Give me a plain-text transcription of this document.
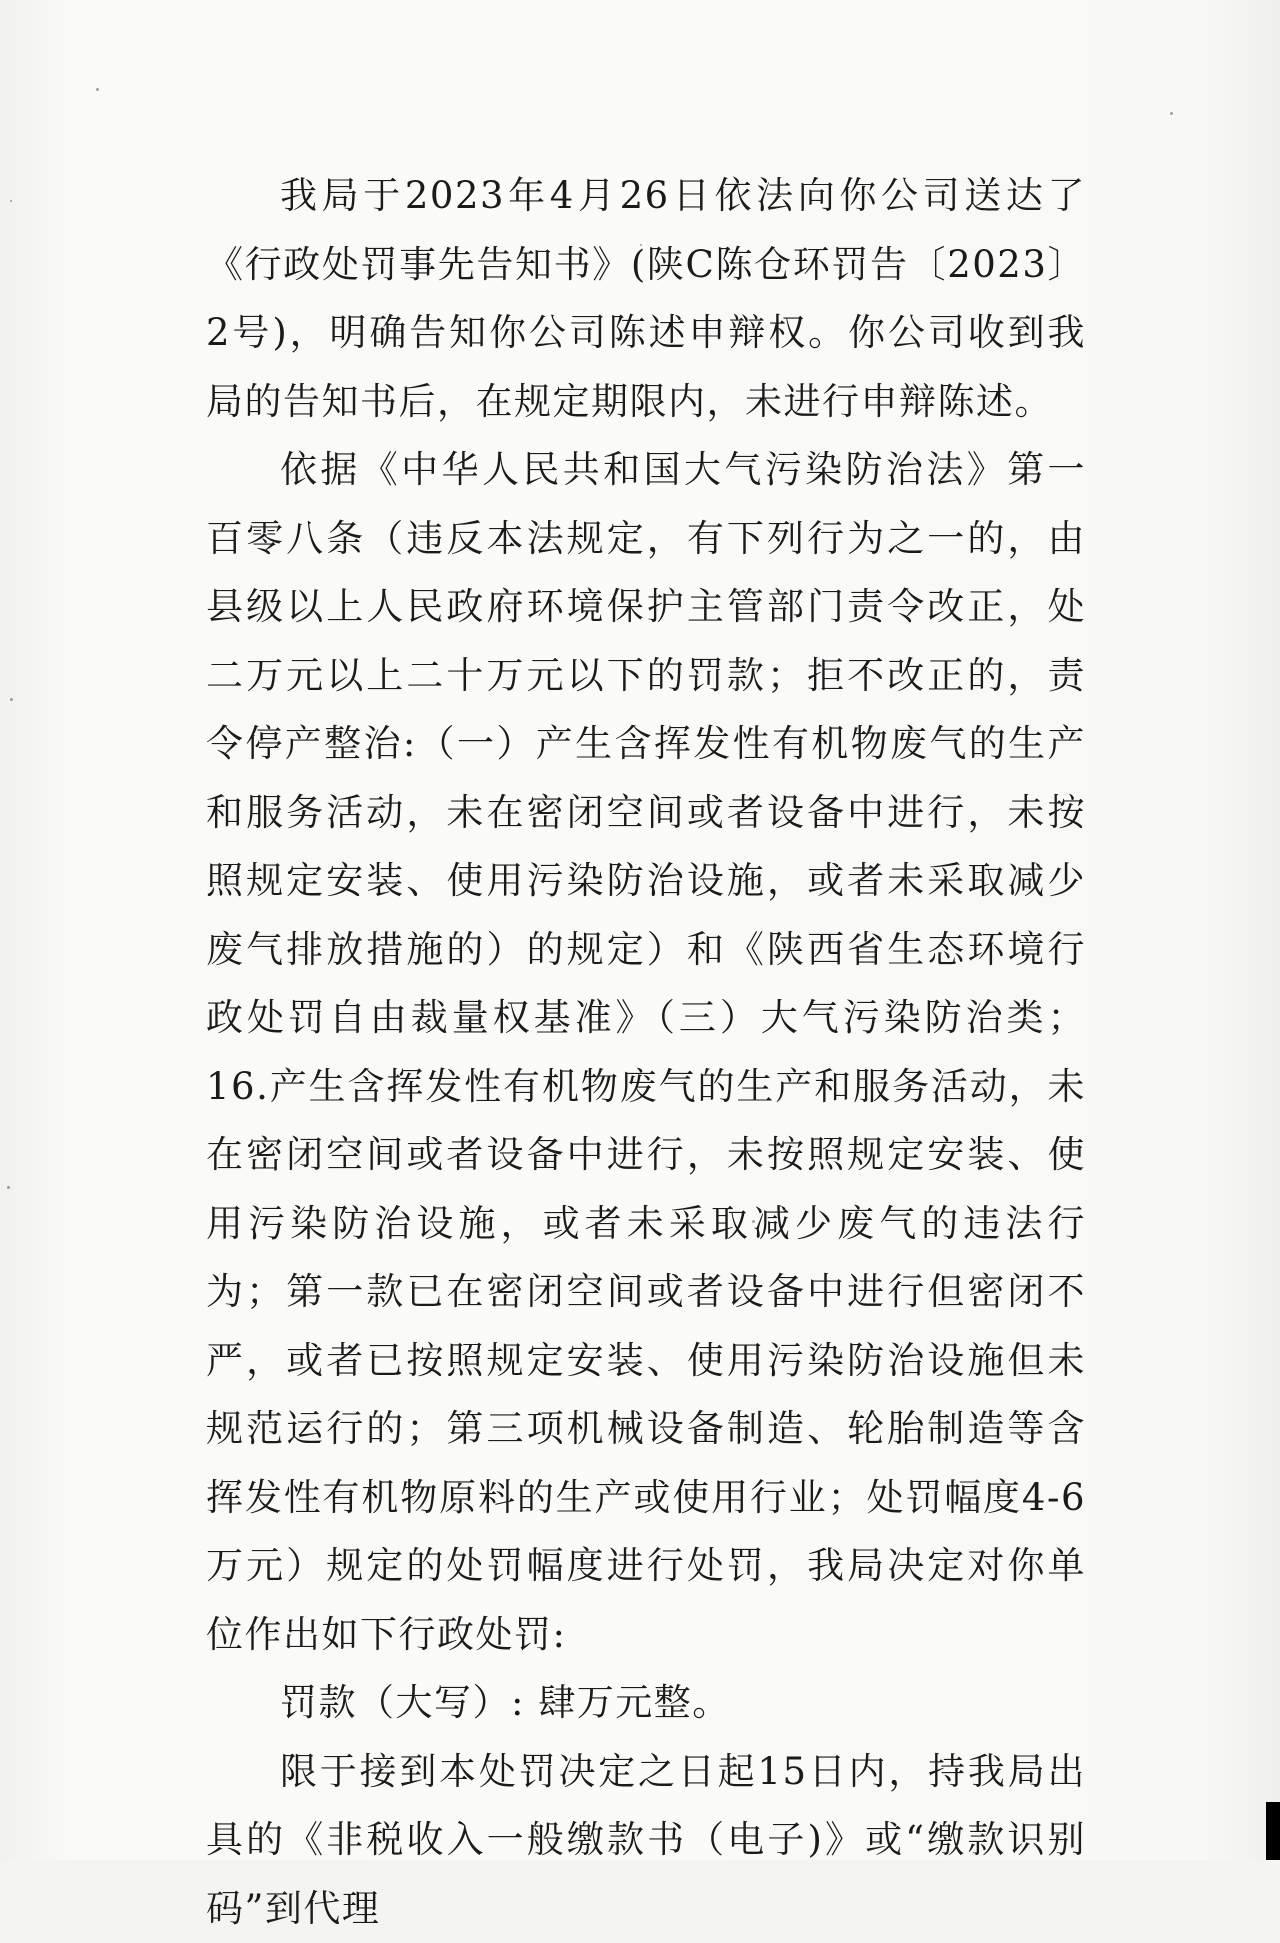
我局于2023年4月26日依法向你公司送达了《行政处罚事先告知书》(陕C陈仓环罚告〔2023〕2号)，明确告知你公司陈述申辩权。你公司收到我局的告知书后，在规定期限内，未进行申辩陈述。

依据《中华人民共和国大气污染防治法》第一百零八条（违反本法规定，有下列行为之一的，由县级以上人民政府环境保护主管部门责令改正，处二万元以上二十万元以下的罚款；拒不改正的，责令停产整治:（一）产生含挥发性有机物废气的生产和服务活动，未在密闭空间或者设备中进行，未按照规定安装、使用污染防治设施，或者未采取减少废气排放措施的）的规定）和《陕西省生态环境行政处罚自由裁量权基准》（三）大气污染防治类；16.产生含挥发性有机物废气的生产和服务活动，未在密闭空间或者设备中进行，未按照规定安装、使用污染防治设施，或者未采取减少废气的违法行为；第一款已在密闭空间或者设备中进行但密闭不严，或者已按照规定安装、使用污染防治设施但未规范运行的；第三项机械设备制造、轮胎制造等含挥发性有机物原料的生产或使用行业；处罚幅度4-6万元）规定的处罚幅度进行处罚，我局决定对你单位作出如下行政处罚:

罚款（大写）: 肆万元整。

限于接到本处罚决定之日起15日内，持我局出具的《非税收入一般缴款书（电子)》或“缴款识别码”到代理
